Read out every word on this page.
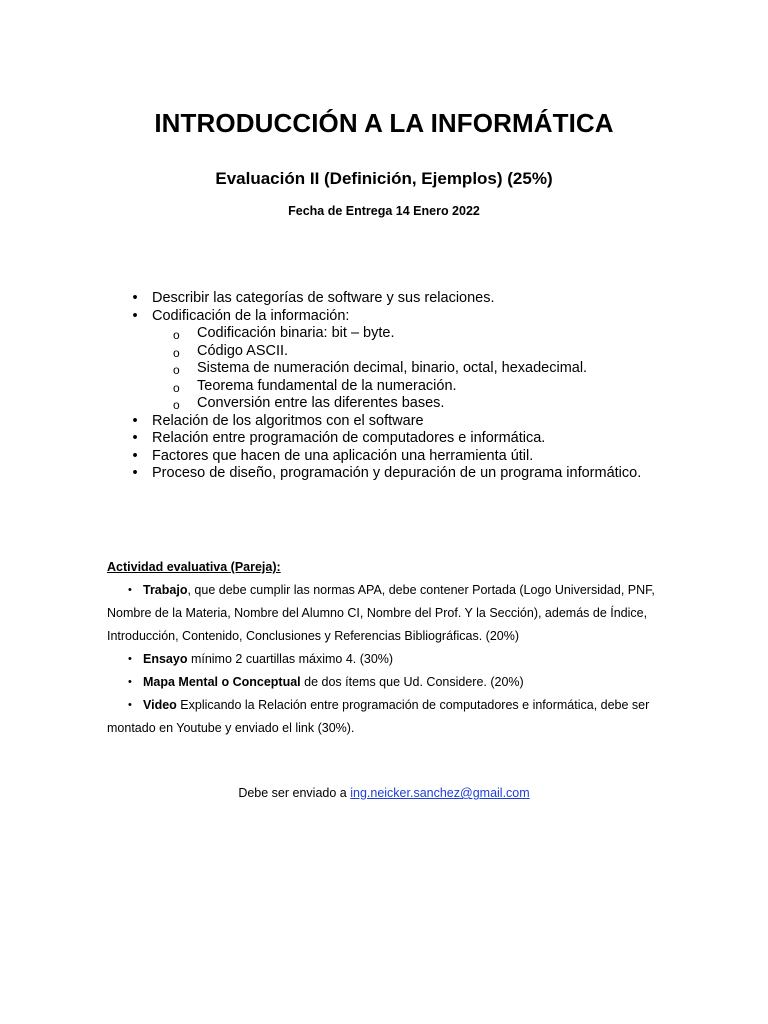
INTRODUCCIÓN A LA INFORMÁTICA
Evaluación II (Definición, Ejemplos) (25%)
Fecha de Entrega 14 Enero 2022
• Describir las categorías de software y sus relaciones.
• Codificación de la información:
o Codificación binaria: bit – byte.
o Código ASCII.
o Sistema de numeración decimal, binario, octal, hexadecimal.
o Teorema fundamental de la numeración.
o Conversión entre las diferentes bases.
• Relación de los algoritmos con el software
• Relación entre programación de computadores e informática.
• Factores que hacen de una aplicación una herramienta útil.
• Proceso de diseño, programación y depuración de un programa informático.
Actividad evaluativa (Pareja):
• Trabajo, que debe cumplir las normas APA, debe contener Portada (Logo Universidad, PNF,
Nombre de la Materia, Nombre del Alumno CI, Nombre del Prof. Y la Sección), además de Índice,
Introducción, Contenido, Conclusiones y Referencias Bibliográficas. (20%)
• Ensayo mínimo 2 cuartillas máximo 4. (30%)
• Mapa Mental o Conceptual de dos ítems que Ud. Considere. (20%)
• Video Explicando la Relación entre programación de computadores e informática, debe ser
montado en Youtube y enviado el link (30%).
Debe ser enviado a ing.neicker.sanchez@gmail.com
